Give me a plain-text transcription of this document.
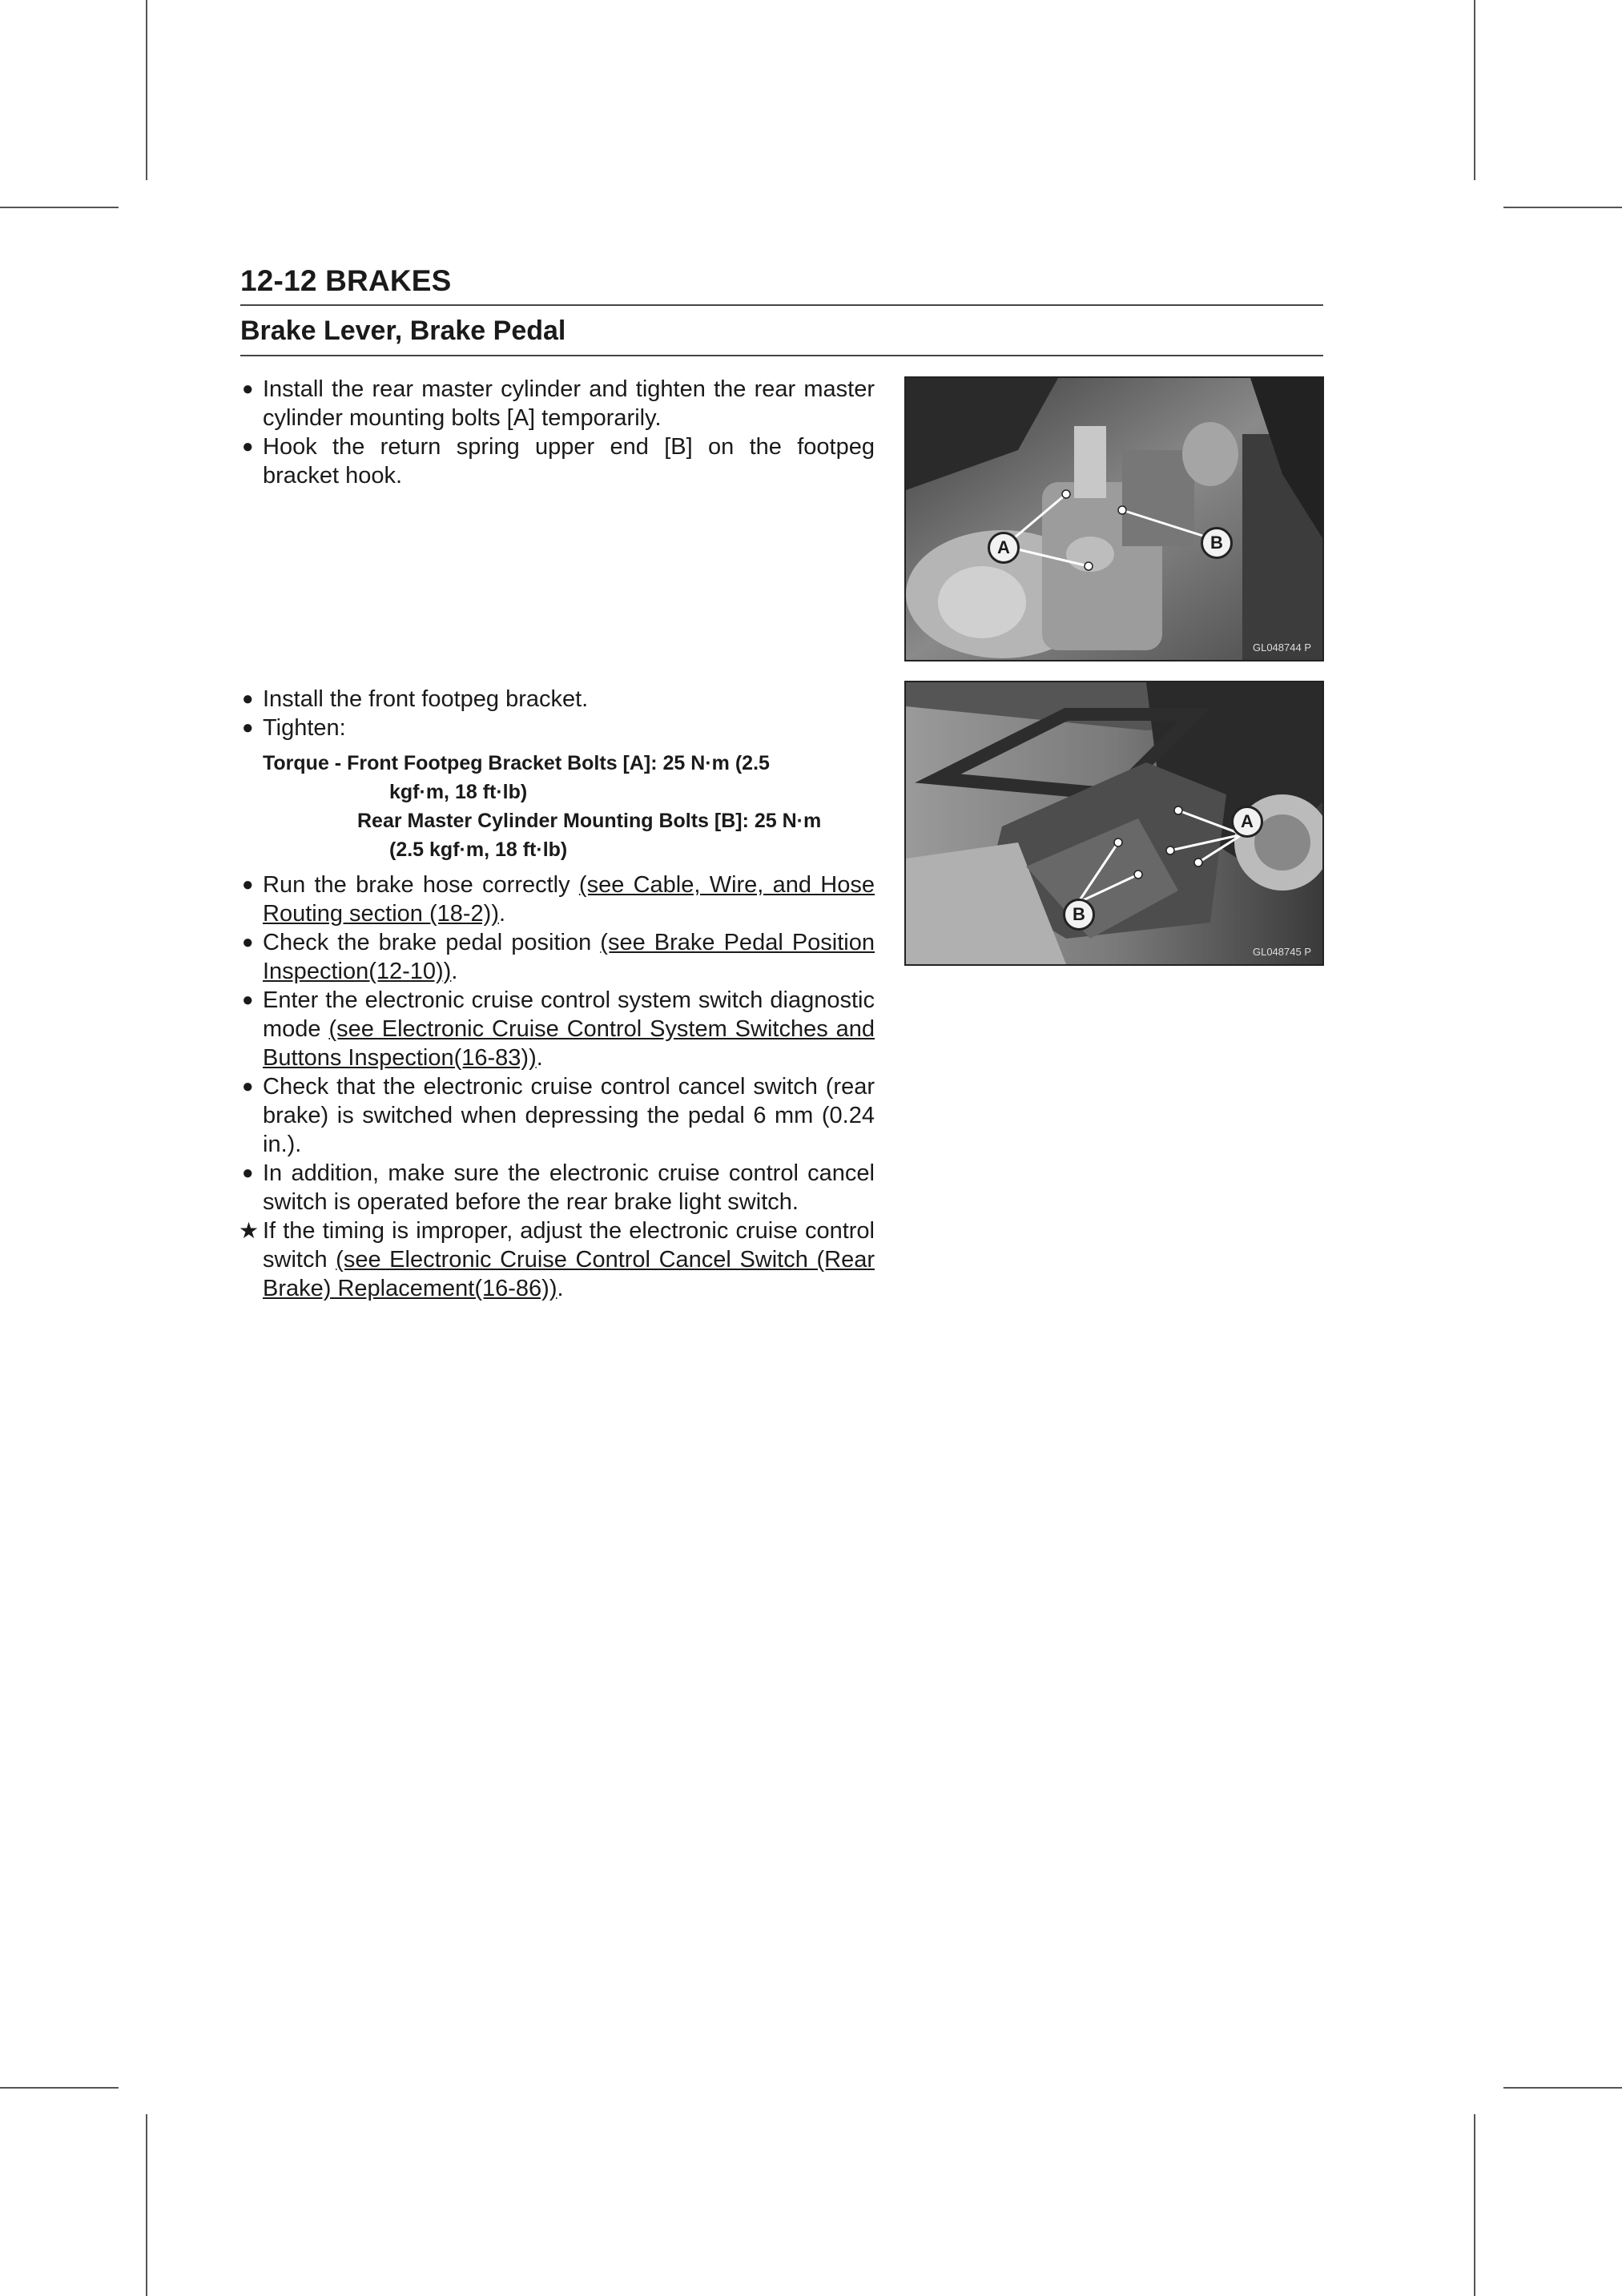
12-12 BRAKES
Brake Lever, Brake Pedal
● Install the rear master cylinder and tighten the rear master cylinder mounting bolts [A] temporarily.
● Hook the return spring upper end [B] on the footpeg bracket hook.
A	B
GL048744 P
● Install the front footpeg bracket.
● Tighten:
Torque - Front Footpeg Bracket Bolts [A]: 25 N·m (2.5
kgf·m, 18 ft·lb)
Rear Master Cylinder Mounting Bolts [B]: 25 N·m
(2.5 kgf·m, 18 ft·lb)
● Run the brake hose correctly (see Cable, Wire, and Hose Routing section (18-2)).
● Check the brake pedal position (see Brake Pedal Position Inspection(12-10)).
● Enter the electronic cruise control system switch diagnostic mode (see Electronic Cruise Control System Switches and Buttons Inspection(16-83)).
● Check that the electronic cruise control cancel switch (rear brake) is switched when depressing the pedal 6 mm (0.24 in.).
● In addition, make sure the electronic cruise control cancel switch is operated before the rear brake light switch.
★ If the timing is improper, adjust the electronic cruise control switch (see Electronic Cruise Control Cancel Switch (Rear Brake) Replacement(16-86)).
A
B
GL048745 P
